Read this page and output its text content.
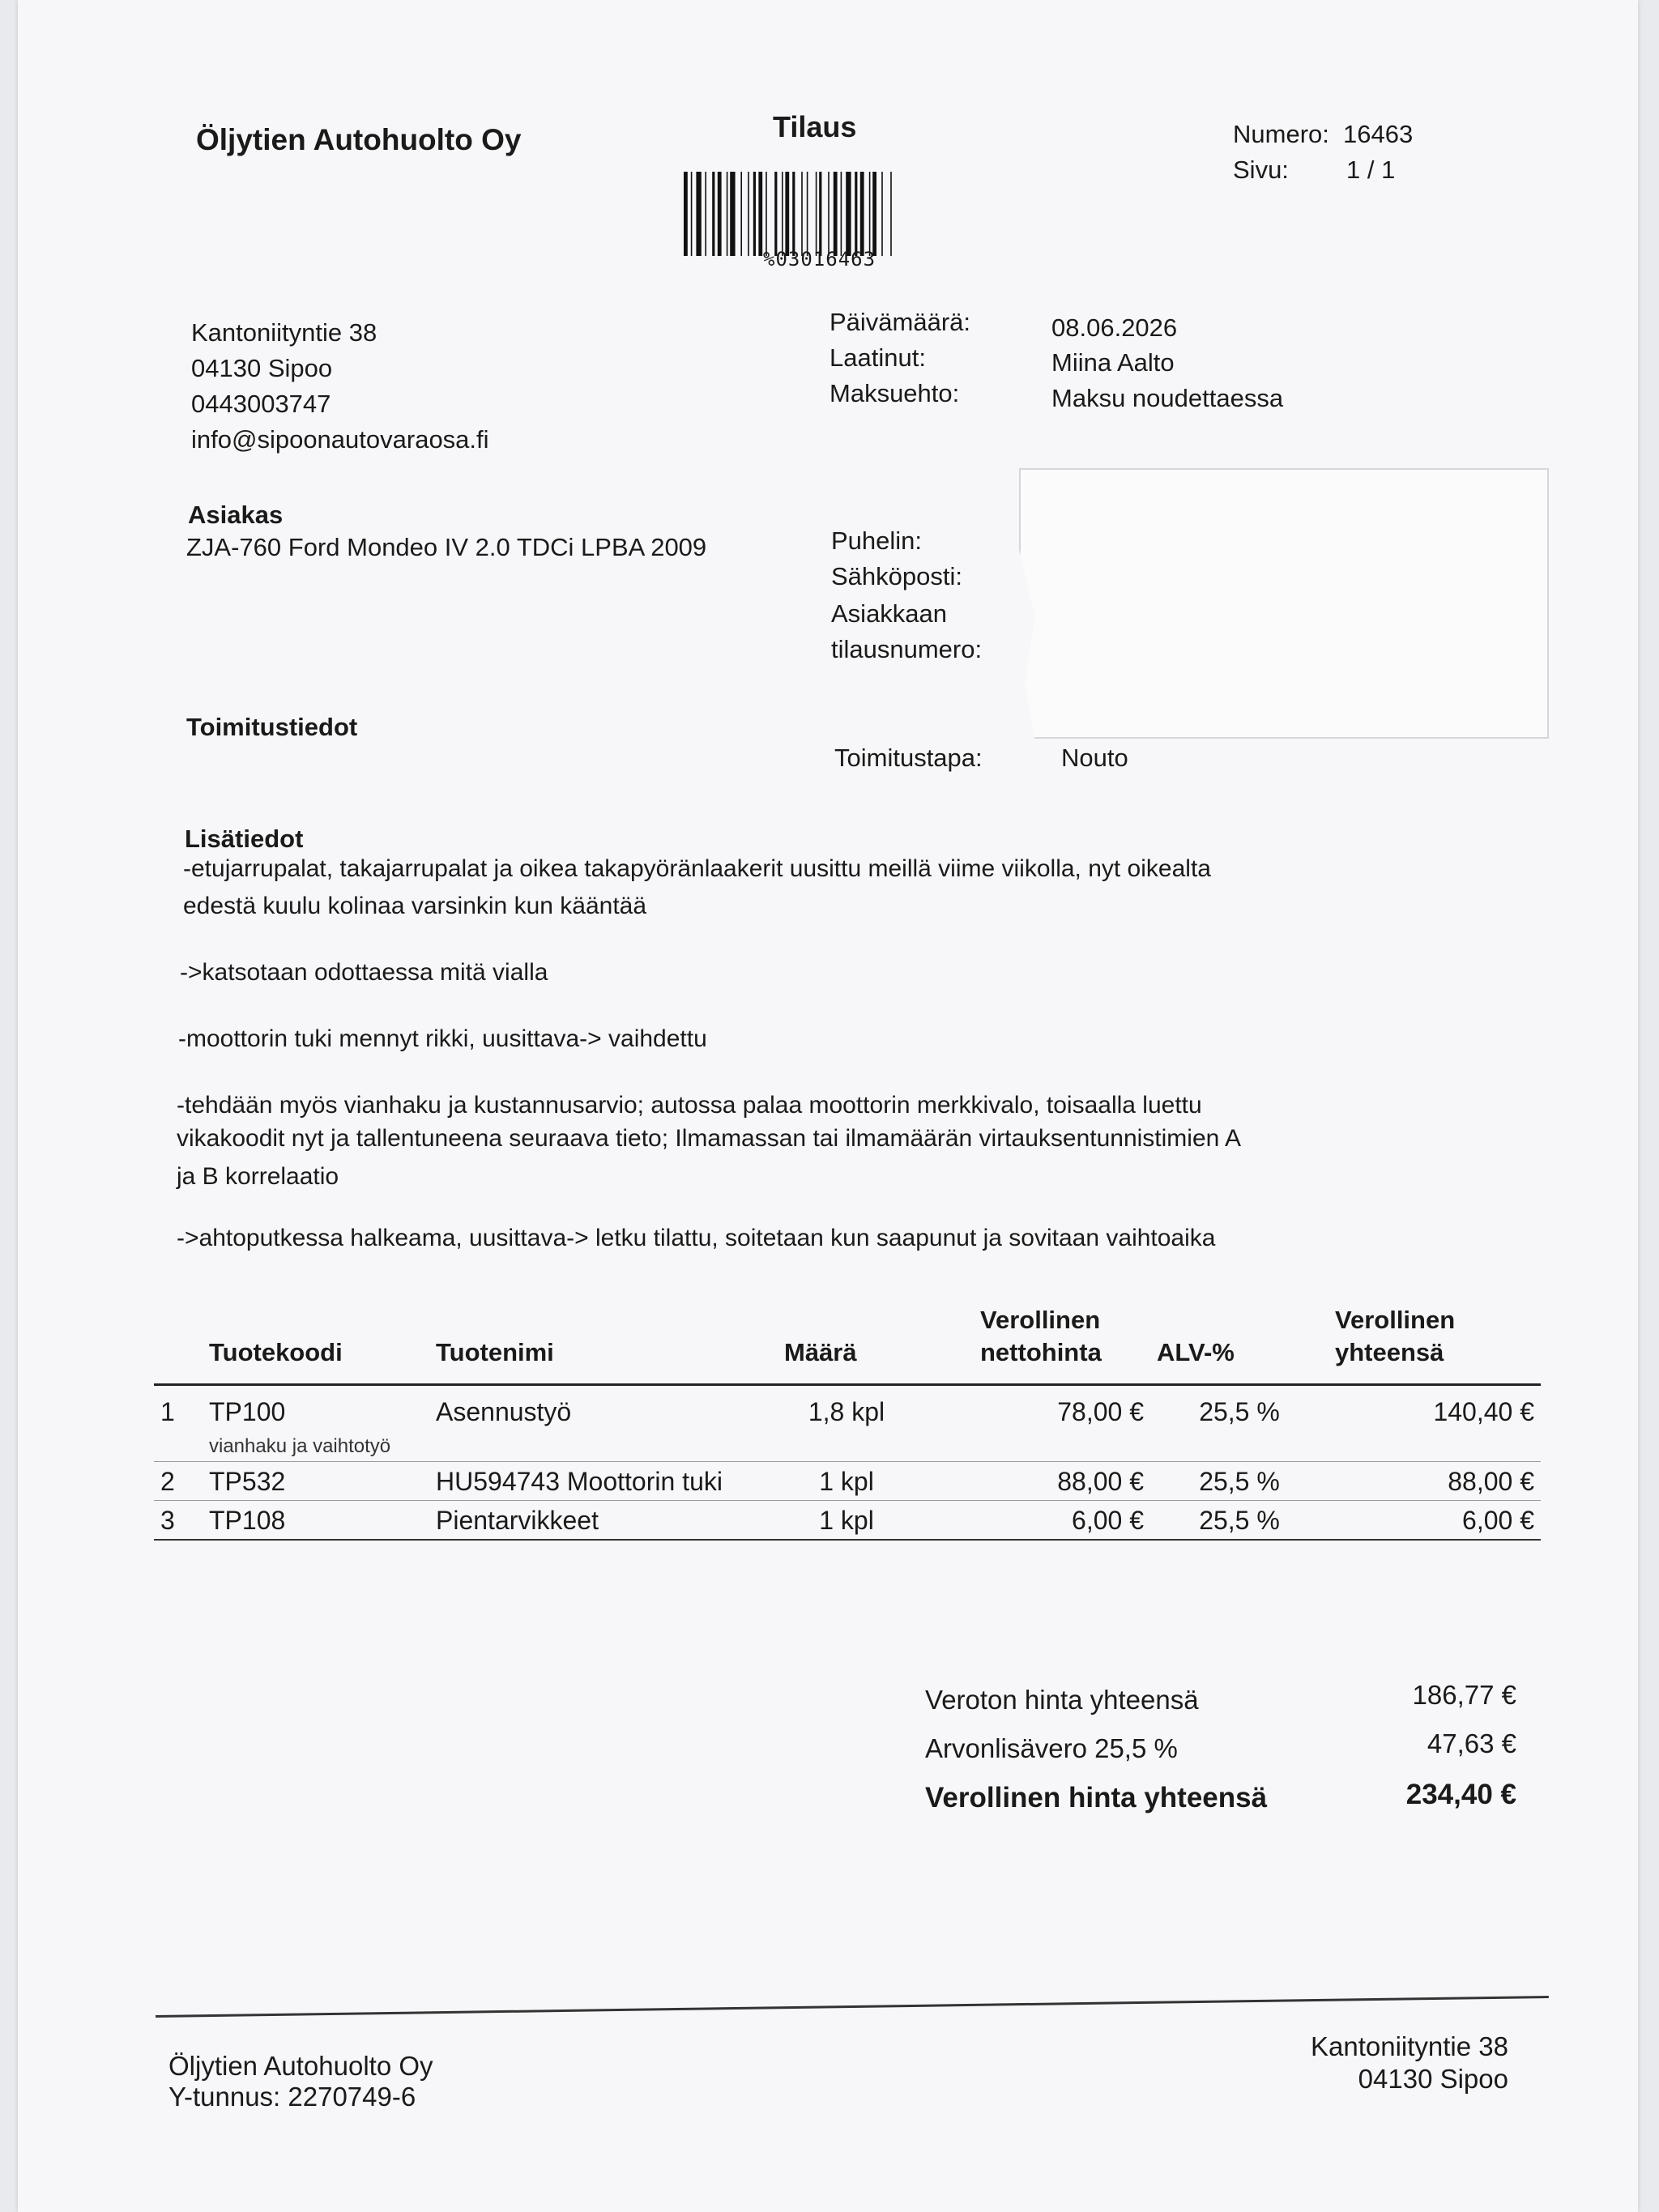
Öljytien Autohuolto Oy	Tilaus
%03016463
Numero: 16463
Sivu: 1 / 1
Kantoniityntie 38
04130 Sipoo
0443003747
info@sipoonautovaraosa.fi
Päivämäärä:	08.06.2026
Laatinut:	Miina Aalto
Maksuehto:	Maksu noudettaessa
Asiakas
ZJA-760 Ford Mondeo IV 2.0 TDCi LPBA 2009	Puhelin:
Sähköposti:
Asiakkaan
tilausnumero:
Toimitustiedot
Toimitustapa:	Nouto
Lisätiedot
-etujarrupalat, takajarrupalat ja oikea takapyöränlaakerit uusittu meillä viime viikolla, nyt oikealta
edestä kuulu kolinaa varsinkin kun kääntää
->katsotaan odottaessa mitä vialla
-moottorin tuki mennyt rikki, uusittava-> vaihdettu
-tehdään myös vianhaku ja kustannusarvio; autossa palaa moottorin merkkivalo, toisaalla luettu
vikakoodit nyt ja tallentuneena seuraava tieto; Ilmamassan tai ilmamäärän virtauksentunnistimien A
ja B korrelaatio
->ahtoputkessa halkeama, uusittava-> letku tilattu, soitetaan kun saapunut ja sovitaan vaihtoaika
	Tuotekoodi	Tuotenimi	Määrä	Verollinen
nettohinta	ALV-%	Verollinen
yhteensä
1	TP100	Asennustyö	1,8 kpl	78,00 €	25,5 %	140,40 €
	vianhaku ja vaihtotyö					
2	TP532	HU594743 Moottorin tuki	1 kpl	88,00 €	25,5 %	88,00 €
3	TP108	Pientarvikkeet	1 kpl	6,00 €	25,5 %	6,00 €
Veroton hinta yhteensä	186,77 €
Arvonlisävero 25,5 %	47,63 €
Verollinen hinta yhteensä	234,40 €
Öljytien Autohuolto Oy
Y-tunnus: 2270749-6
Kantoniityntie 38
04130 Sipoo
